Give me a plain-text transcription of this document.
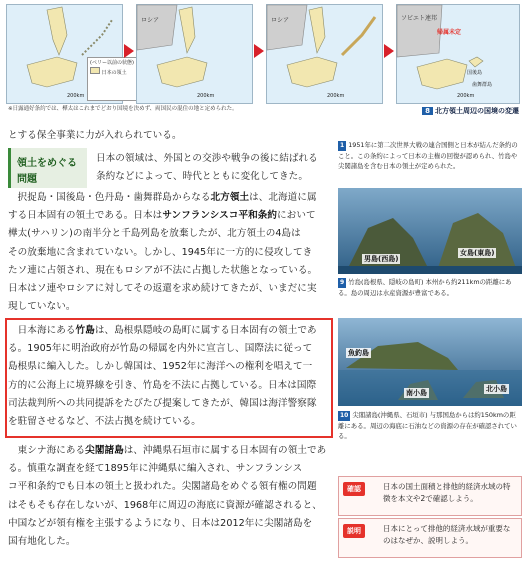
(ペリー以前の状態)
日本の領土
200km
ロシア
200km
ロシア
200km
ソビエト連邦
帰属未定
国後島
歯舞群島
200km
※日露通好条約では、樺太はこれまでどおり国境を決めず、両国民の混住の地と定められた。	8 北方領土周辺の国境の変遷

とする保全事業に力が入れられている。

領土をめぐる
問題

日本の領域は、外国との交渉や戦争の後に結ばれる

条約などによって、時代とともに変化してきた。

　択捉島・国後島・色丹島・歯舞群島からなる北方領土は、北海道に属

する日本固有の領土である。日本はサンフランシスコ平和条約において

樺太(サハリン)の南半分と千島列島を放棄したが、北方領土の4島は

その放棄地に含まれていない。しかし、1945年に一方的に侵攻してき

たソ連に占領され、現在もロシアが不法に占拠した状態となっている。

日本はソ連やロシアに対してその返還を求め続けてきたが、いまだに実

現していない。

　日本海にある竹島は、島根県隠岐の島町に属する日本固有の領土であ

る。1905年に明治政府が竹島の帰属を内外に宣言し、国際法に従って

島根県に編入した。しかし韓国は、1952年に海洋への権利を唱えて一

方的に公海上に境界線を引き、竹島を不法に占拠している。日本は国際

司法裁判所への共同提訴をたびたび提案してきたが、韓国は海洋警察隊

を駐留させるなど、不法占拠を続けている。

　東シナ海にある尖閣諸島は、沖縄県石垣市に属する日本固有の領土であ

る。慎重な調査を経て1895年に沖縄県に編入され、サンフランシス

コ平和条約でも日本の領土と扱われた。尖閣諸島をめぐる領有権の問題

はそもそも存在しないが、1968年に周辺の海底に資源が確認されると、

中国などが領有権を主張するようになり、日本は2012年に尖閣諸島を

国有地化した。

1 1951年に第二次世界大戦の連合国側と日本が結んだ条約のこと。この条約によって日本の主権の回復が認められ、竹島や尖閣諸島を含む日本の領土が定められた。
男島(西島)
女島(東島)
9 竹島(島根県、隠岐の島町) 本州から約211kmの距離にある。島の周辺は水産資源が豊富である。
魚釣島
南小島	北小島
10 尖閣諸島(沖縄県、石垣市) 与那国島からは約150kmの距離にある。周辺の海底に石油などの資源の存在が確認されている。
確認	日本の国土面積と排他的経済水域の特徴を本文や2で確認しよう。
説明	日本にとって排他的経済水域が重要なのはなぜか、説明しよう。
